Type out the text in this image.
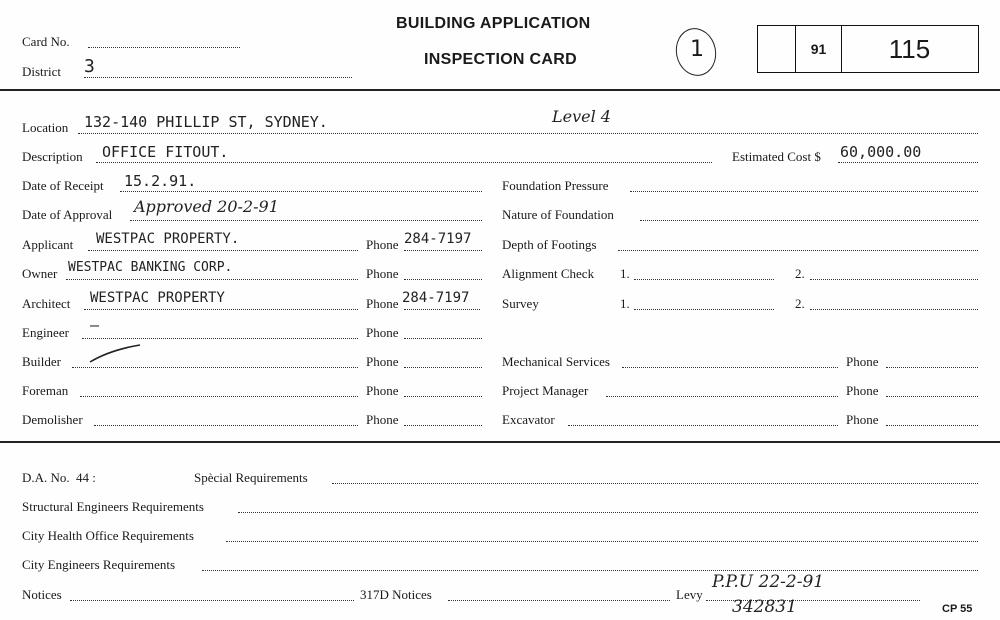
Card No.
District 3
BUILDING APPLICATION
INSPECTION CARD	1	91	115
Location 132-140 PHILLIP ST, SYDNEY.	Level 4
Description OFFICE FITOUT.	Estimated Cost $ 60,000.00
Date of Receipt 15.2.91.
Date of Approval Approved 20-2-91
Applicant WESTPAC PROPERTY.	Phone 284-7197
Owner WESTPAC BANKING CORP.	Phone
Architect WESTPAC PROPERTY	Phone 284-7197
Engineer —	Phone
Builder	Phone
Foreman	Phone
Demolisher	Phone
Foundation Pressure
Nature of Foundation
Depth of Footings
Alignment Check 1.	2.
Survey	1.	2.
Mechanical Services	Phone
Project Manager	Phone
Excavator	Phone
D.A. No. 44 :	Spècial Requirements
Structural Engineers Requirements
City Health Office Requirements
City Engineers Requirements
Notices	317D Notices	Levy
P.P.U 22-2-91
342831	CP 55
